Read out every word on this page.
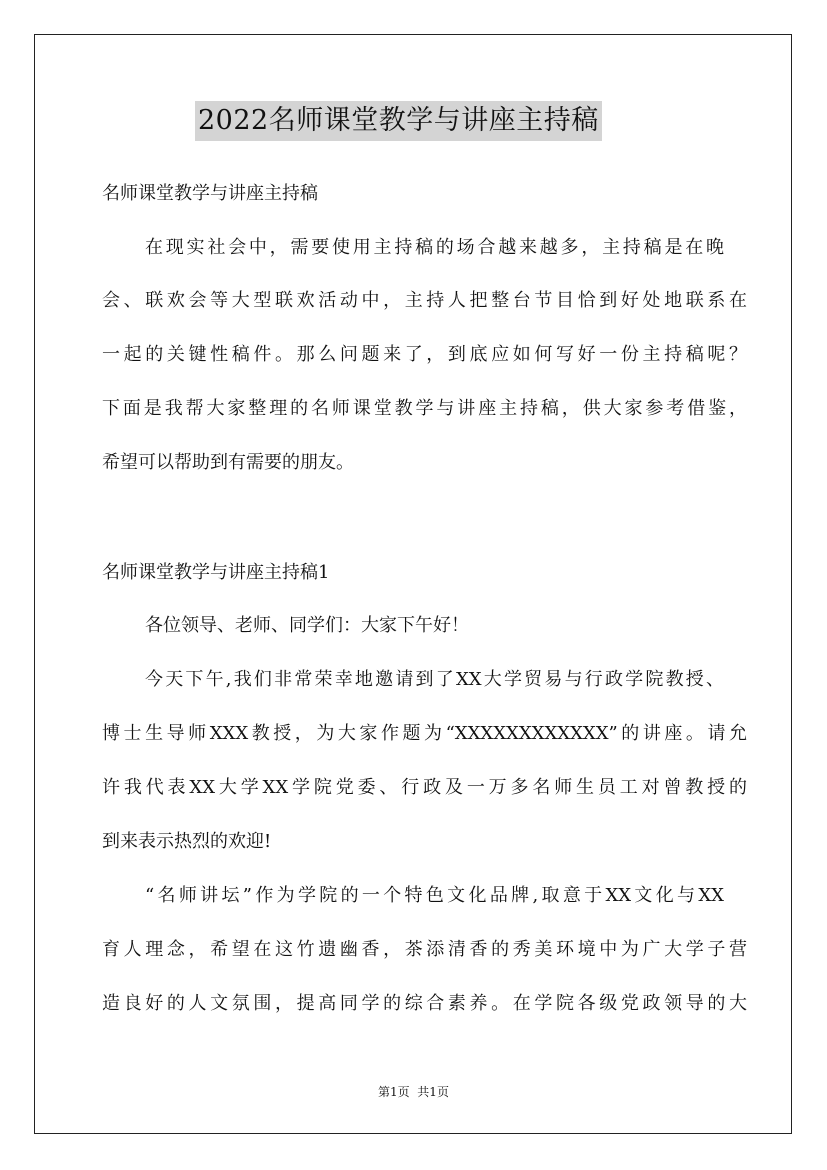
2022名师课堂教学与讲座主持稿
名师课堂教学与讲座主持稿
在现实社会中，需要使用主持稿的场合越来越多，主持稿是在晚
会、联欢会等大型联欢活动中，主持人把整台节目恰到好处地联系在
一起的关键性稿件。那么问题来了，到底应如何写好一份主持稿呢？
下面是我帮大家整理的名师课堂教学与讲座主持稿，供大家参考借鉴，
希望可以帮助到有需要的朋友。
名师课堂教学与讲座主持稿1
各位领导、老师、同学们：大家下午好！
今天下午,我们非常荣幸地邀请到了XX大学贸易与行政学院教授、
博士生导师XXX教授，为大家作题为“XXXXXXXXXXXX”的讲座。请允
许我代表XX大学XX学院党委、行政及一万多名师生员工对曾教授的
到来表示热烈的欢迎!
“名师讲坛”作为学院的一个特色文化品牌,取意于XX文化与XX
育人理念，希望在这竹遗幽香，茶添清香的秀美环境中为广大学子营
造良好的人文氛围，提高同学的综合素养。在学院各级党政领导的大
第1页  共1页
